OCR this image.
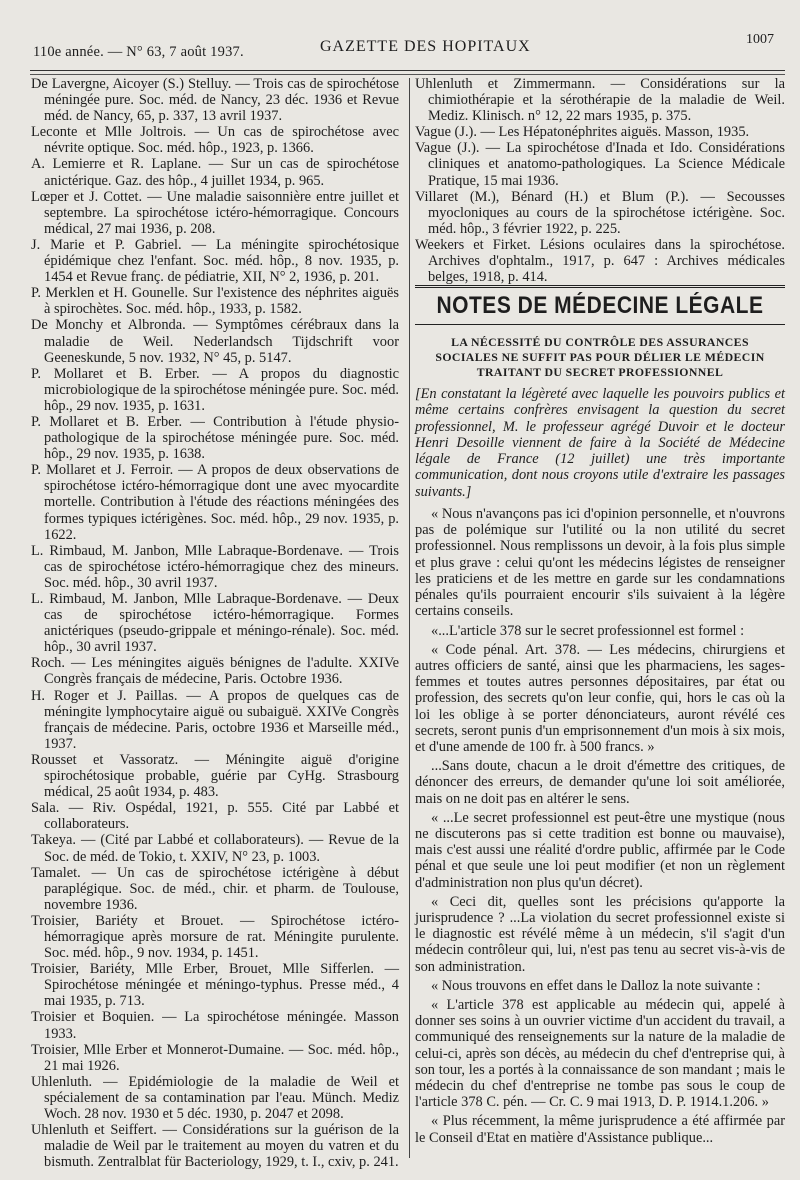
110e année. — N° 63, 7 août 1937.	GAZETTE DES HOPITAUX	1007

De Lavergne, Aicoyer (S.) Stelluy. — Trois cas de spirochétose méningée pure. Soc. méd. de Nancy, 23 déc. 1936 et Revue méd. de Nancy, 65, p. 337, 13 avril 1937.

Leconte et Mlle Joltrois. — Un cas de spirochétose avec névrite optique. Soc. méd. hôp., 1923, p. 1366.

A. Lemierre et R. Laplane. — Sur un cas de spirochétose anictérique. Gaz. des hôp., 4 juillet 1934, p. 965.

Lœper et J. Cottet. — Une maladie saisonnière entre juillet et septembre. La spirochétose ictéro-hémorragique. Concours médical, 27 mai 1936, p. 208.

J. Marie et P. Gabriel. — La méningite spirochétosique épidémique chez l'enfant. Soc. méd. hôp., 8 nov. 1935, p. 1454 et Revue franç. de pédiatrie, XII, N° 2, 1936, p. 201.

P. Merklen et H. Gounelle. Sur l'existence des néphrites aiguës à spirochètes. Soc. méd. hôp., 1933, p. 1582.

De Monchy et Albronda. — Symptômes cérébraux dans la maladie de Weil. Nederlandsch Tijdschrift voor Geeneskunde, 5 nov. 1932, N° 45, p. 5147.

P. Mollaret et B. Erber. — A propos du diagnostic microbiologique de la spirochétose méningée pure. Soc. méd. hôp., 29 nov. 1935, p. 1631.

P. Mollaret et B. Erber. — Contribution à l'étude physio-pathologique de la spirochétose méningée pure. Soc. méd. hôp., 29 nov. 1935, p. 1638.

P. Mollaret et J. Ferroir. — A propos de deux observations de spirochétose ictéro-hémorragique dont une avec myocardite mortelle. Contribution à l'étude des réactions méningées des formes typiques ictérigènes. Soc. méd. hôp., 29 nov. 1935, p. 1622.

L. Rimbaud, M. Janbon, Mlle Labraque-Bordenave. — Trois cas de spirochétose ictéro-hémorragique chez des mineurs. Soc. méd. hôp., 30 avril 1937.

L. Rimbaud, M. Janbon, Mlle Labraque-Bordenave. — Deux cas de spirochétose ictéro-hémorragique. Formes anictériques (pseudo-grippale et méningo-rénale). Soc. méd. hôp., 30 avril 1937.

Roch. — Les méningites aiguës bénignes de l'adulte. XXIVe Congrès français de médecine, Paris. Octobre 1936.

H. Roger et J. Paillas. — A propos de quelques cas de méningite lymphocytaire aiguë ou subaiguë. XXIVe Congrès français de médecine. Paris, octobre 1936 et Marseille méd., 1937.

Rousset et Vassoratz. — Méningite aiguë d'origine spirochétosique probable, guérie par CyHg. Strasbourg médical, 25 août 1934, p. 483.

Sala. — Riv. Ospédal, 1921, p. 555. Cité par Labbé et collaborateurs.

Takeya. — (Cité par Labbé et collaborateurs). — Revue de la Soc. de méd. de Tokio, t. XXIV, N° 23, p. 1003.

Tamalet. — Un cas de spirochétose ictérigène à début paraplégique. Soc. de méd., chir. et pharm. de Toulouse, novembre 1936.

Troisier, Bariéty et Brouet. — Spirochétose ictéro-hémorragique après morsure de rat. Méningite purulente. Soc. méd. hôp., 9 nov. 1934, p. 1451.

Troisier, Bariéty, Mlle Erber, Brouet, Mlle Sifferlen. — Spirochétose méningée et méningo-typhus. Presse méd., 4 mai 1935, p. 713.

Troisier et Boquien. — La spirochétose méningée. Masson 1933.

Troisier, Mlle Erber et Monnerot-Dumaine. — Soc. méd. hôp., 21 mai 1926.

Uhlenluth. — Epidémiologie de la maladie de Weil et spécialement de sa contamination par l'eau. Münch. Mediz Woch. 28 nov. 1930 et 5 déc. 1930, p. 2047 et 2098.

Uhlenluth et Seiffert. — Considérations sur la guérison de la maladie de Weil par le traitement au moyen du vatren et du bismuth. Zentralblat für Bacteriology, 1929, t. I., cxiv, p. 241.

Uhlenluth et Zimmermann. — Considérations sur la chimiothérapie et la sérothérapie de la maladie de Weil. Mediz. Klinisch. n° 12, 22 mars 1935, p. 375.

Vague (J.). — Les Hépatonéphrites aiguës. Masson, 1935.

Vague (J.). — La spirochétose d'Inada et Ido. Considérations cliniques et anatomo-pathologiques. La Science Médicale Pratique, 15 mai 1936.

Villaret (M.), Bénard (H.) et Blum (P.). — Secousses myocloniques au cours de la spirochétose ictérigène. Soc. méd. hôp., 3 février 1922, p. 225.

Weekers et Firket. Lésions oculaires dans la spirochétose. Archives d'ophtalm., 1917, p. 647 : Archives médicales belges, 1918, p. 414.

NOTES DE MÉDECINE LÉGALE
LA NÉCESSITÉ DU CONTRÔLE DES ASSURANCES SOCIALES NE SUFFIT PAS POUR DÉLIER LE MÉDECIN TRAITANT DU SECRET PROFESSIONNEL

[En constatant la légèreté avec laquelle les pouvoirs publics et même certains confrères envisagent la question du secret professionnel, M. le professeur agrégé Duvoir et le docteur Henri Desoille viennent de faire à la Société de Médecine légale de France (12 juillet) une très importante communication, dont nous croyons utile d'extraire les passages suivants.]

« Nous n'avançons pas ici d'opinion personnelle, et n'ouvrons pas de polémique sur l'utilité ou la non utilité du secret professionnel. Nous remplissons un devoir, à la fois plus simple et plus grave : celui qu'ont les médecins légistes de renseigner les praticiens et de les mettre en garde sur les condamnations pénales qu'ils pourraient encourir s'ils suivaient à la légère certains conseils.

«...L'article 378 sur le secret professionnel est formel :

« Code pénal. Art. 378. — Les médecins, chirurgiens et autres officiers de santé, ainsi que les pharmaciens, les sages-femmes et toutes autres personnes dépositaires, par état ou profession, des secrets qu'on leur confie, qui, hors le cas où la loi les oblige à se porter dénonciateurs, auront révélé ces secrets, seront punis d'un emprisonnement d'un mois à six mois, et d'une amende de 100 fr. à 500 francs. »

...Sans doute, chacun a le droit d'émettre des critiques, de dénoncer des erreurs, de demander qu'une loi soit améliorée, mais on ne doit pas en altérer le sens.

« ...Le secret professionnel est peut-être une mystique (nous ne discuterons pas si cette tradition est bonne ou mauvaise), mais c'est aussi une réalité d'ordre public, affirmée par le Code pénal et que seule une loi peut modifier (et non un règlement d'administration non plus qu'un décret).

« Ceci dit, quelles sont les précisions qu'apporte la jurisprudence ? ...La violation du secret professionnel existe si le diagnostic est révélé même à un médecin, s'il s'agit d'un médecin contrôleur qui, lui, n'est pas tenu au secret vis-à-vis de son administration.

« Nous trouvons en effet dans le Dalloz la note suivante :

« L'article 378 est applicable au médecin qui, appelé à donner ses soins à un ouvrier victime d'un accident du travail, a communiqué des renseignements sur la nature de la maladie de celui-ci, après son décès, au médecin du chef d'entreprise qui, à son tour, les a portés à la connaissance de son mandant ; mais le médecin du chef d'entreprise ne tombe pas sous le coup de l'article 378 C. pén. — Cr. C. 9 mai 1913, D. P. 1914.1.206. »

« Plus récemment, la même jurisprudence a été affirmée par le Conseil d'Etat en matière d'Assistance publique...
